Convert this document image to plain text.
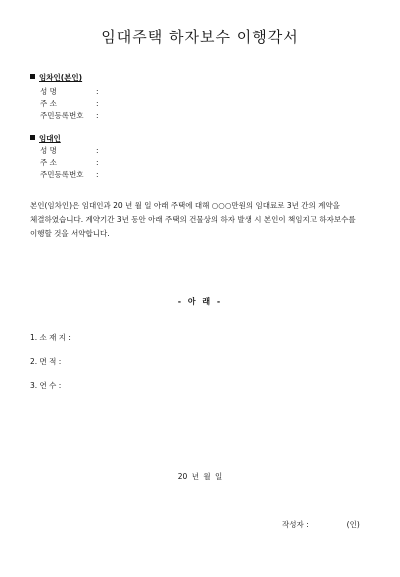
임대주택 하자보수 이행각서
임차인(본인)
성 명	:
주 소	:
주민등록번호 :
임대인
성 명	:
주 소	:
주민등록번호 :
본인(임차인)은 임대인과 20 년 월 일 아래 주택에 대해 ○○○만원의 임대료로 3년 간의 계약을 체결하였습니다. 계약기간 3년 동안 아래 주택의 건물상의 하자 발생 시 본인이 책임지고 하자보수를 이행할 것을 서약합니다.
- 아 래 -
1. 소 재 지 :
2. 면 적 :
3. 연 수 :
20 년 월 일
작성자 :	(인)
